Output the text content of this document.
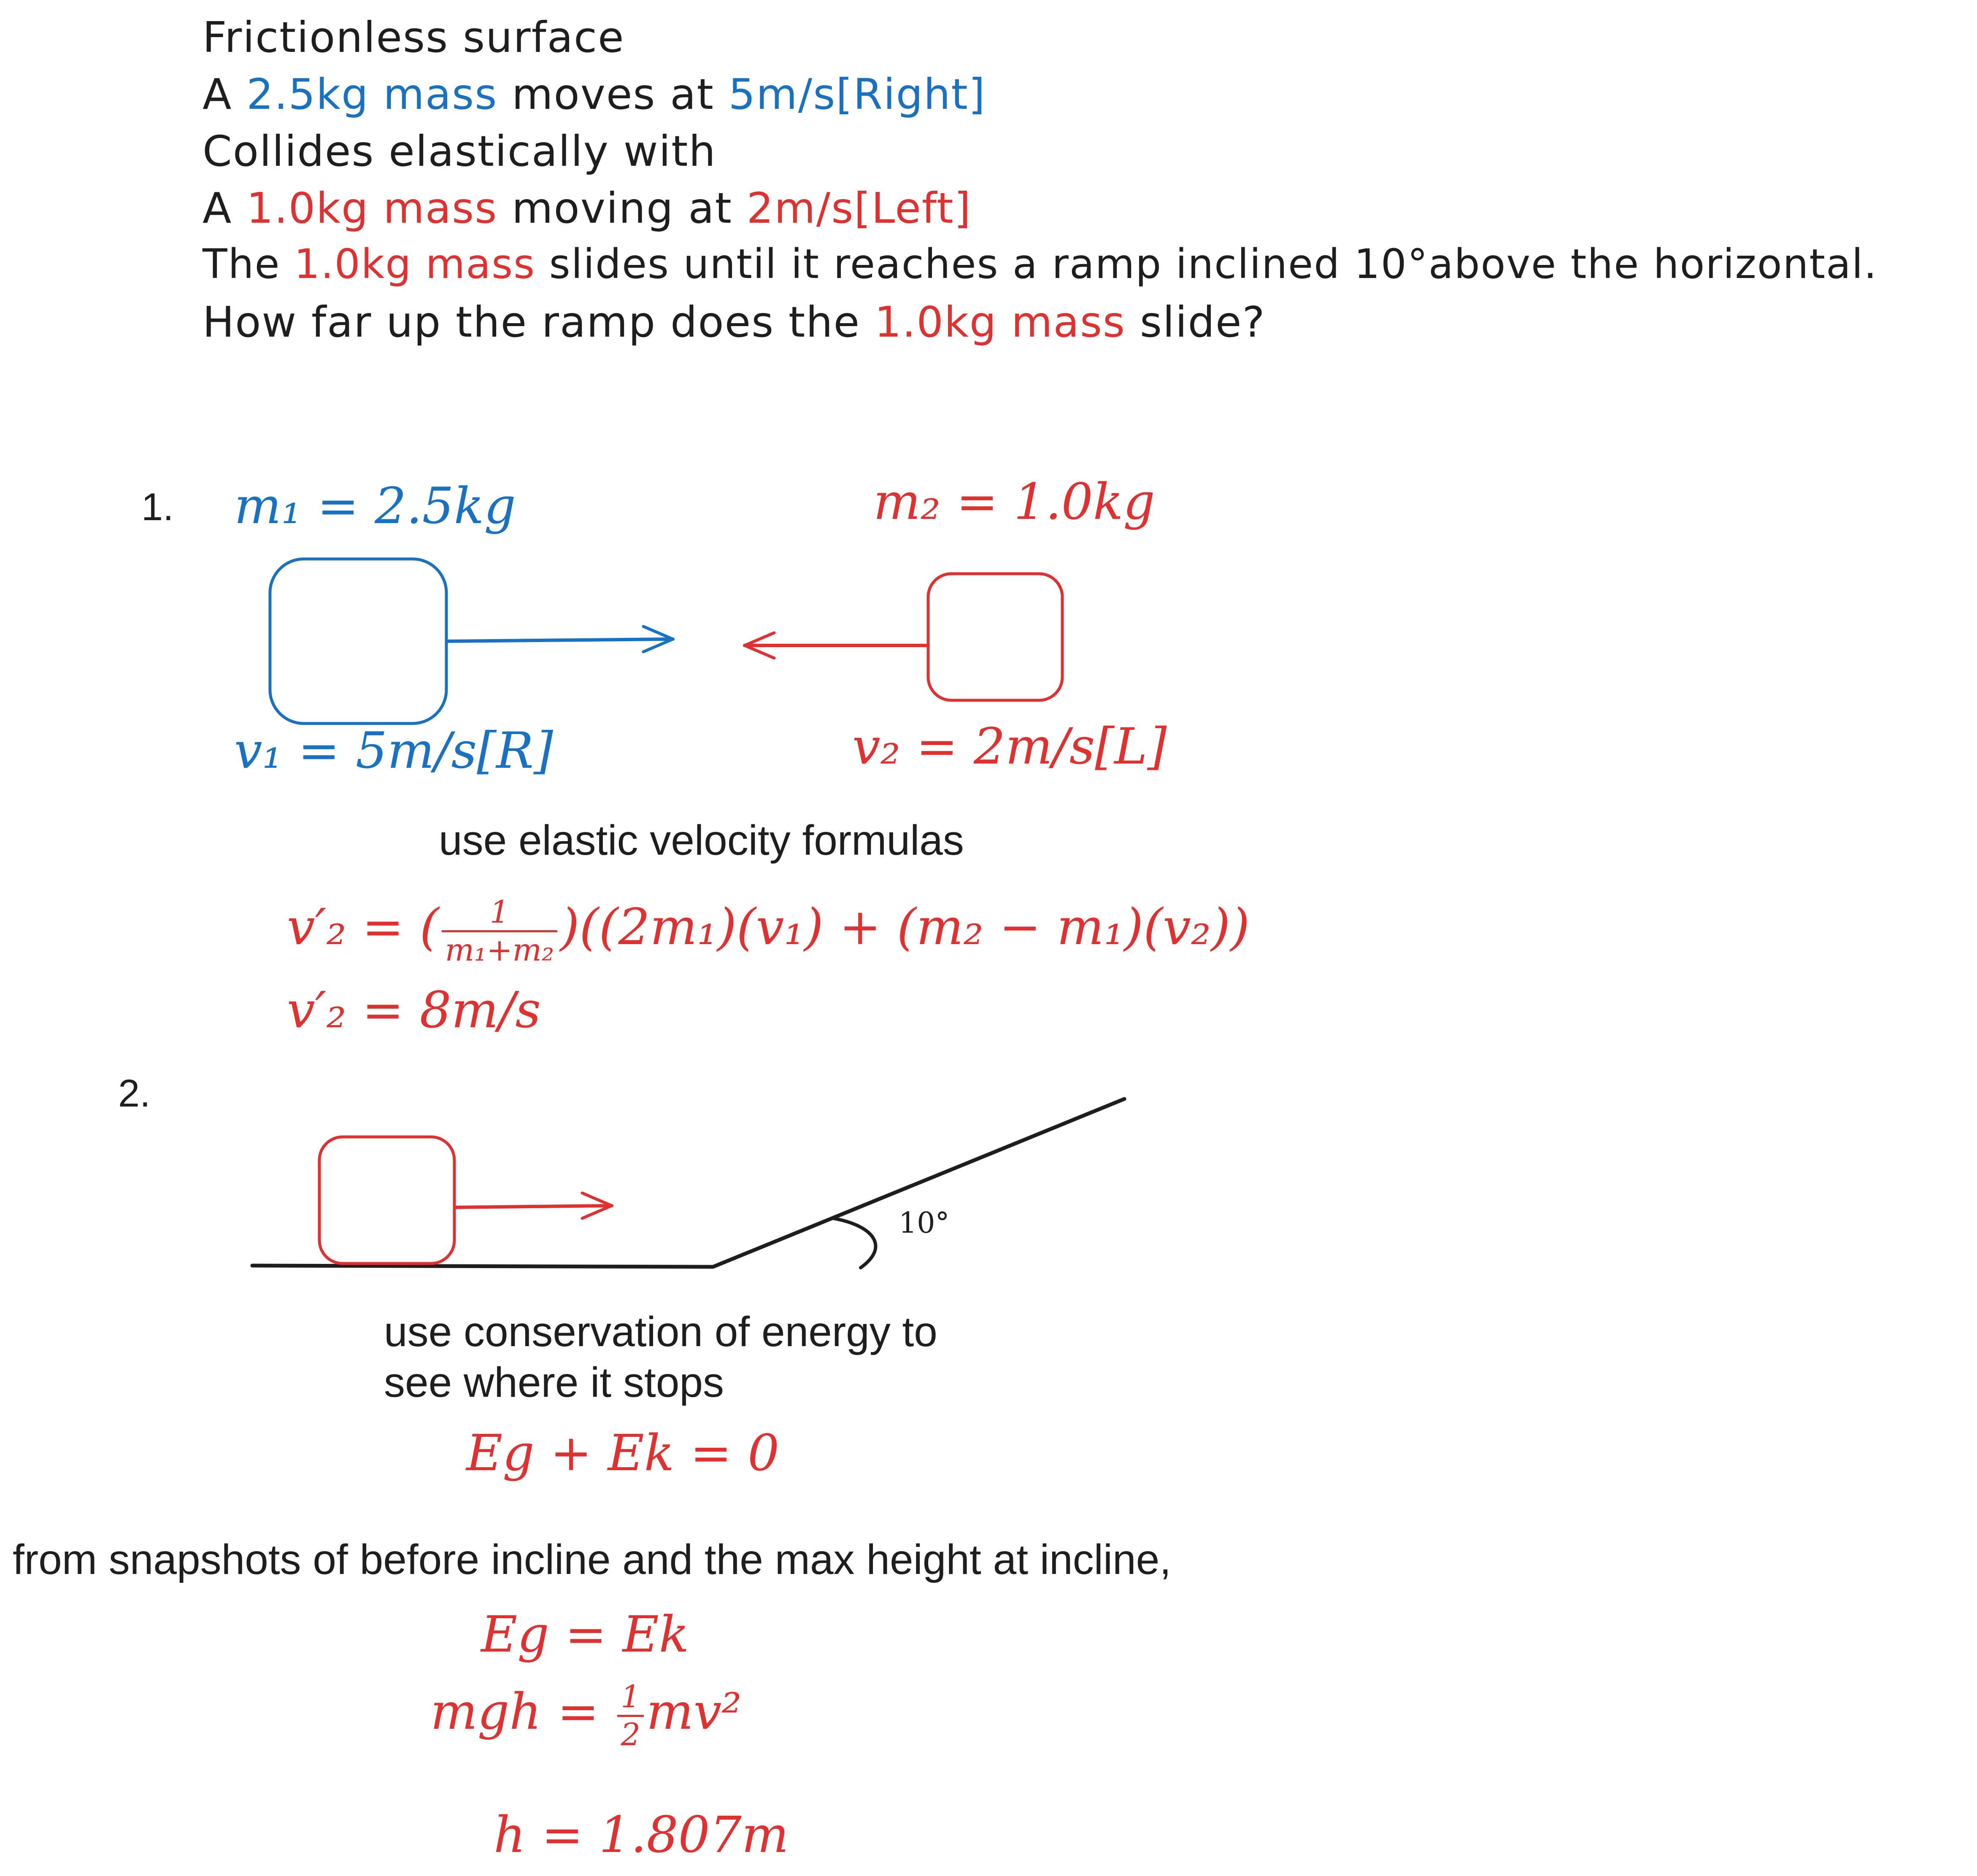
Frictionless surface
A 2.5kg mass moves at 5m/s[Right]
Collides elastically with
A 1.0kg mass moving at 2m/s[Left]
The 1.0kg mass slides until it reaches a ramp inclined 10°above the horizontal.
How far up the ramp does the 1.0kg mass slide?
1. m₁ = 2.5kg	m₂ = 1.0kg
v₁ = 5m/s[R]	v₂ = 2m/s[L]
use elastic velocity formulas
v′₂ = ( $\frac{1}{\text{m₁+m₂}} )((2m_1)(v_1) + (m_2 - m_1)(v_2))$
v′₂ = 8m/s
2.
10°
use conservation of energy to
see where it stops
Eg + Ek = 0
from snapshots of before incline and the max height at incline,
Eg = Ek
mgh = $\frac{1}{2} mv^2$
h = 1.807m
